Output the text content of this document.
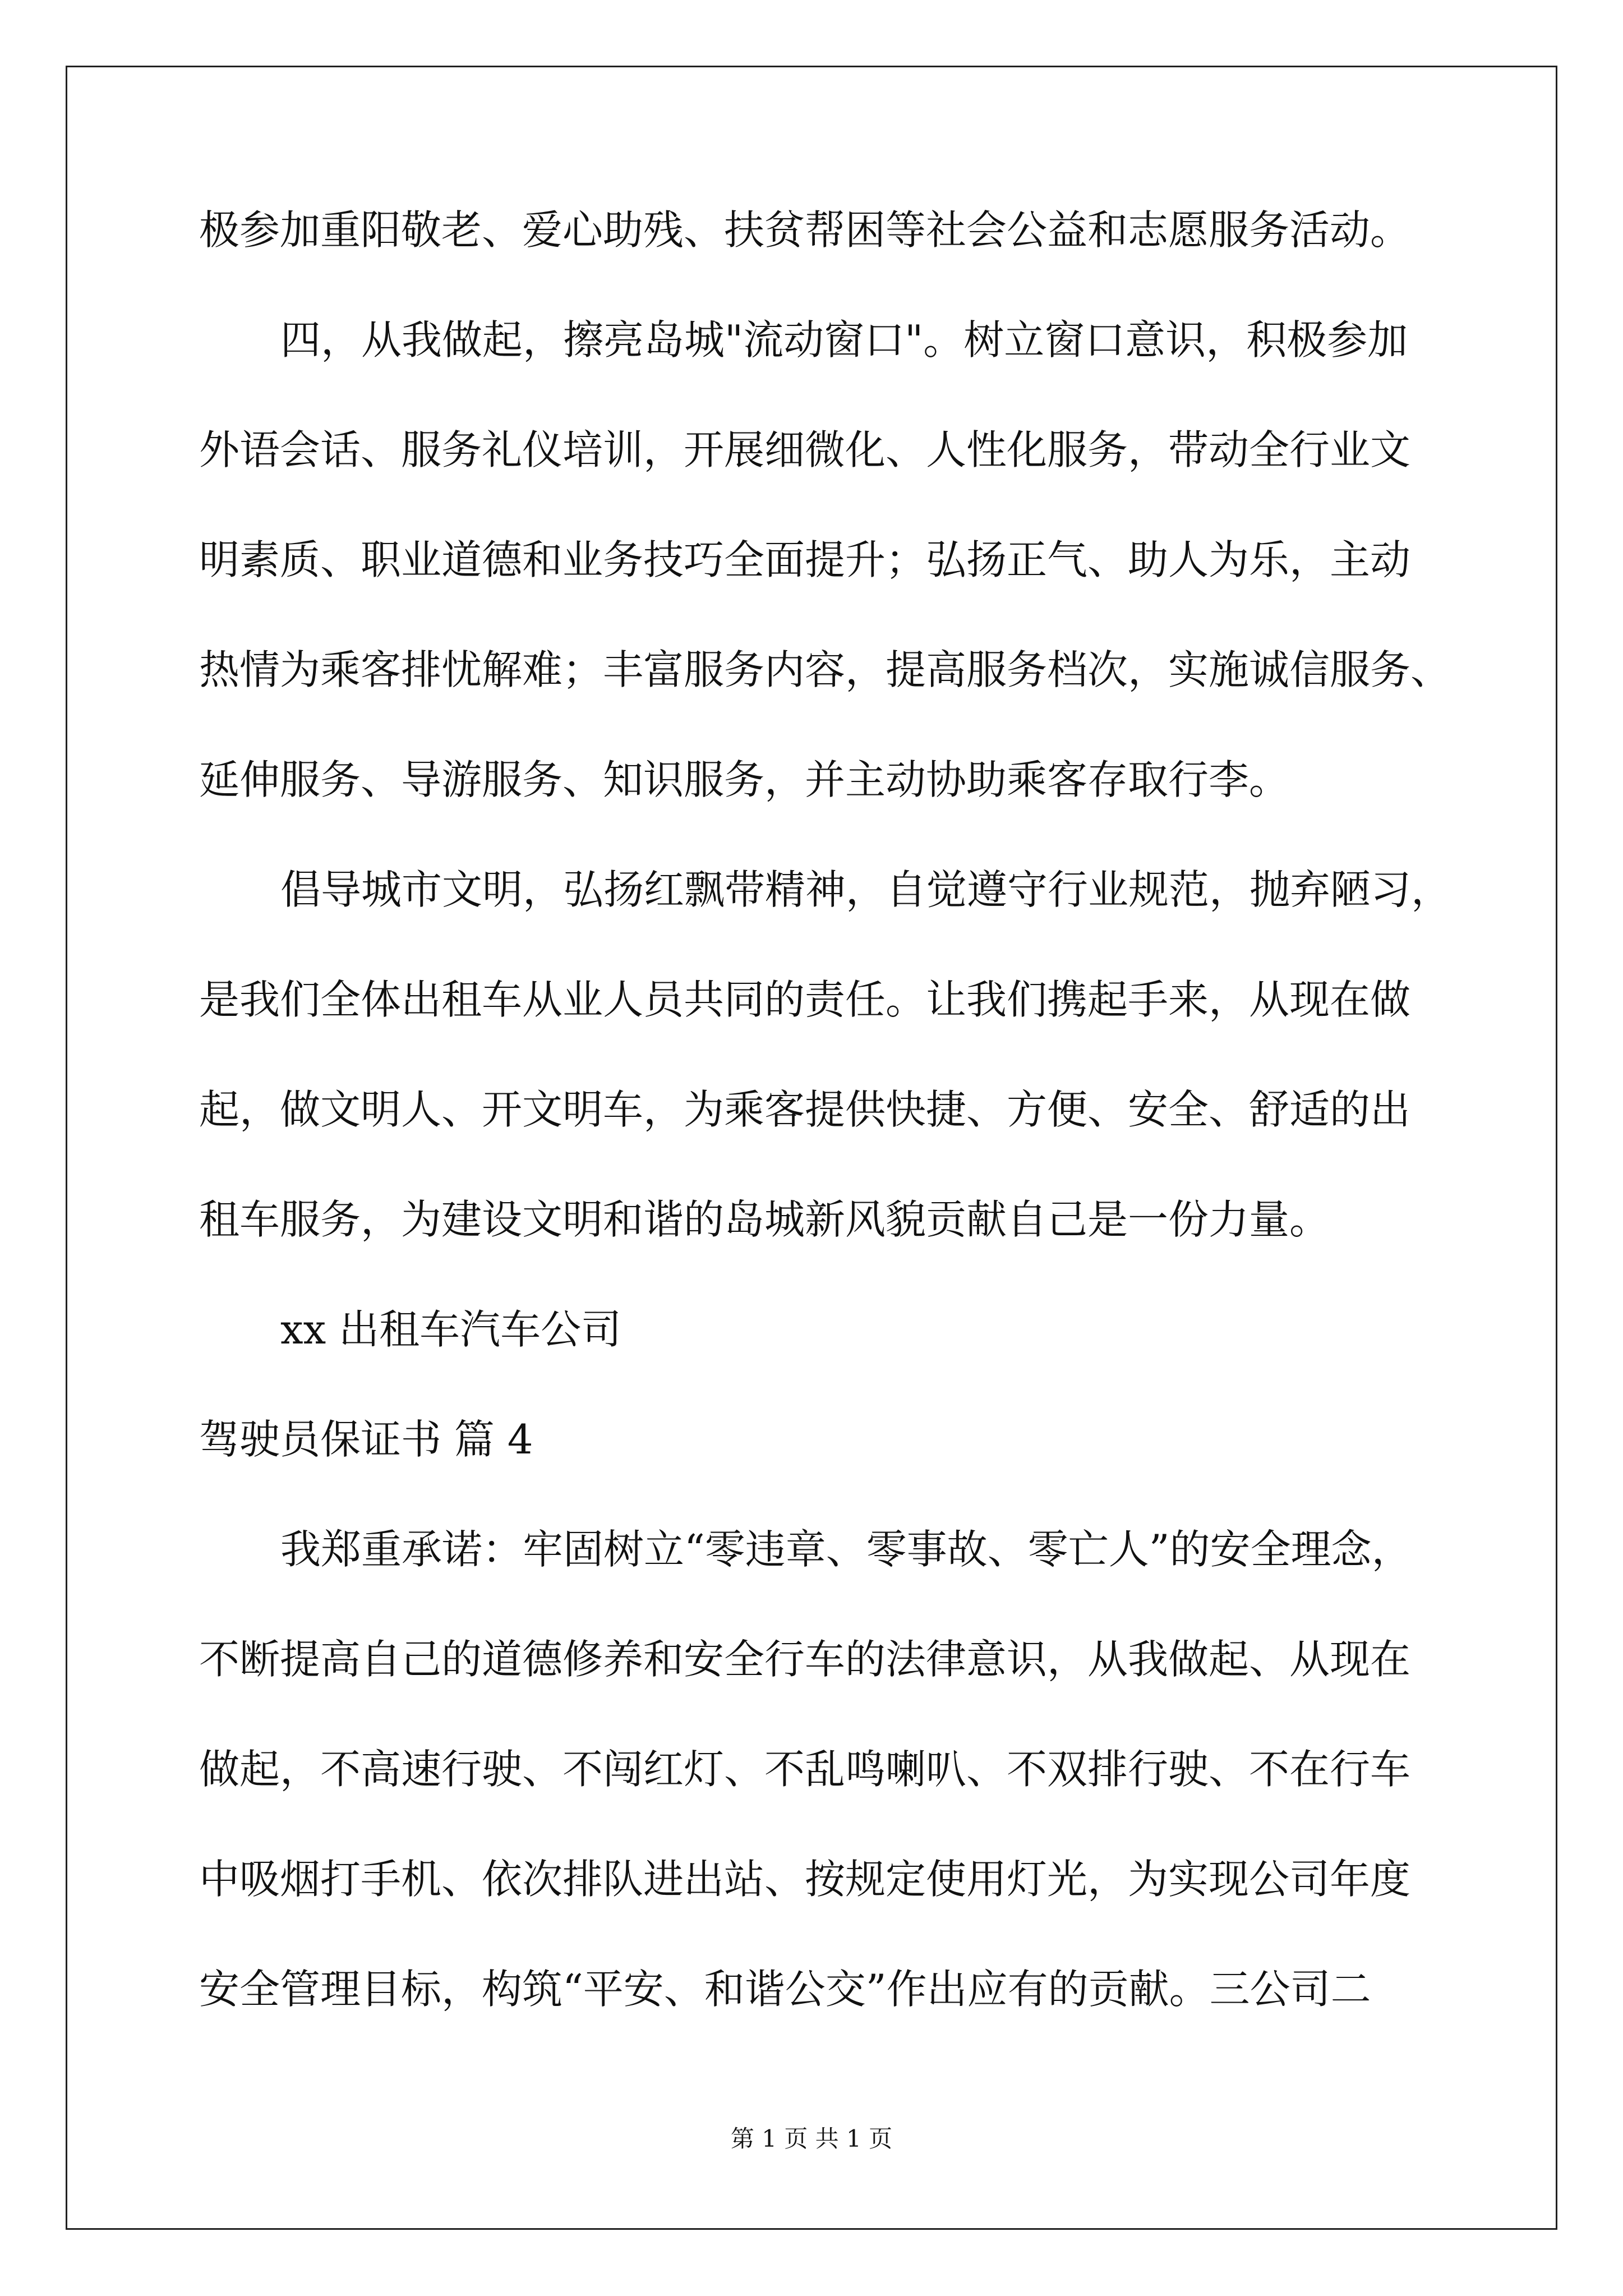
极参加重阳敬老、爱心助残、扶贫帮困等社会公益和志愿服务活动。
四，从我做起，擦亮岛城"流动窗口"。树立窗口意识，积极参加
外语会话、服务礼仪培训，开展细微化、人性化服务，带动全行业文
明素质、职业道德和业务技巧全面提升；弘扬正气、助人为乐，主动
热情为乘客排忧解难；丰富服务内容，提高服务档次，实施诚信服务、
延伸服务、导游服务、知识服务，并主动协助乘客存取行李。
倡导城市文明，弘扬红飘带精神，自觉遵守行业规范，抛弃陋习，
是我们全体出租车从业人员共同的责任。让我们携起手来，从现在做
起，做文明人、开文明车，为乘客提供快捷、方便、安全、舒适的出
租车服务，为建设文明和谐的岛城新风貌贡献自己是一份力量。
xx 出租车汽车公司
驾驶员保证书 篇 4
我郑重承诺：牢固树立“零违章、零事故、零亡人”的安全理念，
不断提高自己的道德修养和安全行车的法律意识，从我做起、从现在
做起，不高速行驶、不闯红灯、不乱鸣喇叭、不双排行驶、不在行车
中吸烟打手机、依次排队进出站、按规定使用灯光，为实现公司年度
安全管理目标，构筑“平安、和谐公交”作出应有的贡献。三公司二
第 1 页 共 1 页
